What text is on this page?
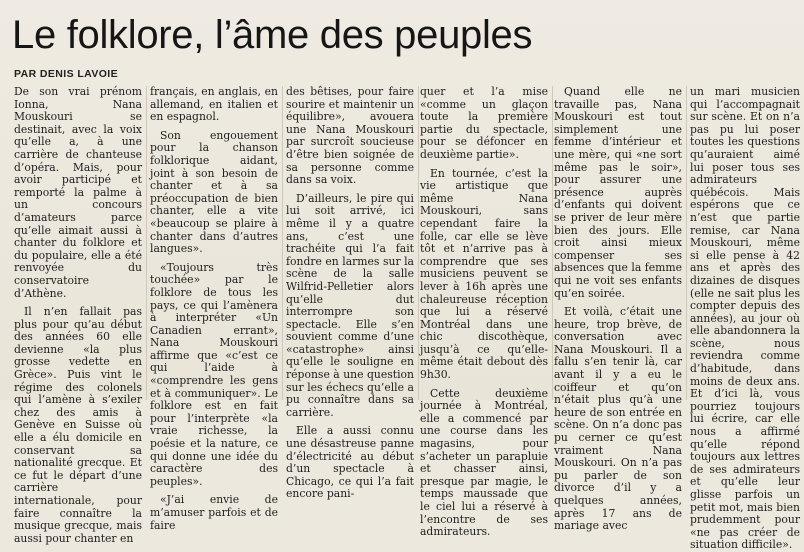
Le folklore, l’âme des peuples
PAR DENIS LAVOIE

De son vrai prénom Ionna, Nana Mouskouri se destinait, avec la voix qu’elle a, à une carrière de chanteuse d’opéra. Mais, pour avoir participé et remporté la palme à un concours d’amateurs parce qu’elle aimait aussi à chanter du folklore et du populaire, elle a été renvoyée du conservatoire d’Athène.

Il n’en fallait pas plus pour qu’au début des années 60 elle devienne «la plus grosse vedette en Grèce». Puis vint le régime des colonels qui l’amène à s’exiler chez des amis à Genève en Suisse où elle a élu domicile en conservant sa nationalité grecque. Et ce fut le départ d’une carrière internationale, pour faire connaître la musique grecque, mais aussi pour chanter en

français, en anglais, en allemand, en italien et en espagnol.

Son engouement pour la chanson folklorique aidant, joint à son besoin de chanter et à sa préoccupation de bien chanter, elle a vite «beaucoup se plaire à chanter dans d’autres langues».

«Toujours très touchée» par le folklore de tous les pays, ce qui l’amènera à interpréter «Un Canadien errant», Nana Mouskouri affirme que «c’est ce qui l’aide à «comprendre les gens et à communiquer». Le folklore est en fait pour l’interprète «la vraie richesse, la poésie et la nature, ce qui donne une idée du caractère des peuples».

«J’ai envie de m’amuser parfois et de faire

des bêtises, pour faire sourire et maintenir un équilibre», avouera une Nana Mouskouri par surcroît soucieuse d’être bien soignée de sa personne comme dans sa voix.

D’ailleurs, le pire qui lui soit arrivé, ici même il y a quatre ans, c’est une trachéite qui l’a fait fondre en larmes sur la scène de la salle Wilfrid-Pelletier alors qu’elle dut interrompre son spectacle. Elle s’en souvient comme d’une «catastrophe» ainsi qu’elle le souligne en réponse à une question sur les échecs qu’elle a pu connaître dans sa carrière.

Elle a aussi connu une désastreuse panne d’électricité au début d’un spectacle à Chicago, ce qui l’a fait encore pani-

quer et l’a mise «comme un glaçon toute la première partie du spectacle, pour se défoncer en deuxième partie».

En tournée, c’est la vie artistique que même Nana Mouskouri, sans cependant faire la folle, car elle se lève tôt et n’arrive pas à comprendre que ses musiciens peuvent se lever à 16h après une chaleureuse réception que lui a réservé Montréal dans une chic discothèque, jusqu’à ce qu’elle-même était debout dès 9h30.

Cette deuxième journée à Montréal, elle a commencé par une course dans les magasins, pour s’acheter un parapluie et chasser ainsi, presque par magie, le temps maussade que le ciel lui a réservé à l’encontre de ses admirateurs.

Quand elle ne travaille pas, Nana Mouskouri est tout simplement une femme d’intérieur et une mère, qui «ne sort même pas le soir», pour assurer une présence auprès d’enfants qui doivent se priver de leur mère bien des jours. Elle croit ainsi mieux compenser ses absences que la femme qui ne voit ses enfants qu’en soirée.

Et voilà, c’était une heure, trop brève, de conversation avec Nana Mouskouri. Il a fallu s’en tenir là, car avant il y a eu le coiffeur et qu’on n’était plus qu’à une heure de son entrée en scène. On n’a donc pas pu cerner ce qu’est vraiment Nana Mouskouri. On n’a pas pu parler de son divorce d’il y a quelques années, après 17 ans de mariage avec

un mari musicien qui l’accompagnait sur scène. Et on n’a pas pu lui poser toutes les questions qu’auraient aimé lui poser tous ses admirateurs québécois. Mais espérons que ce n’est que partie remise, car Nana Mouskouri, même si elle pense à 42 ans et après des dizaines de disques (elle ne sait plus les compter depuis des années), au jour où elle abandonnera la scène, nous reviendra comme d’habitude, dans moins de deux ans. Et d’ici là, vous pourriez toujours lui écrire, car elle nous a affirmé qu’elle répond toujours aux lettres de ses admirateurs et qu’elle leur glisse parfois un petit mot, mais bien prudemment pour «ne pas créer de situation difficile».
